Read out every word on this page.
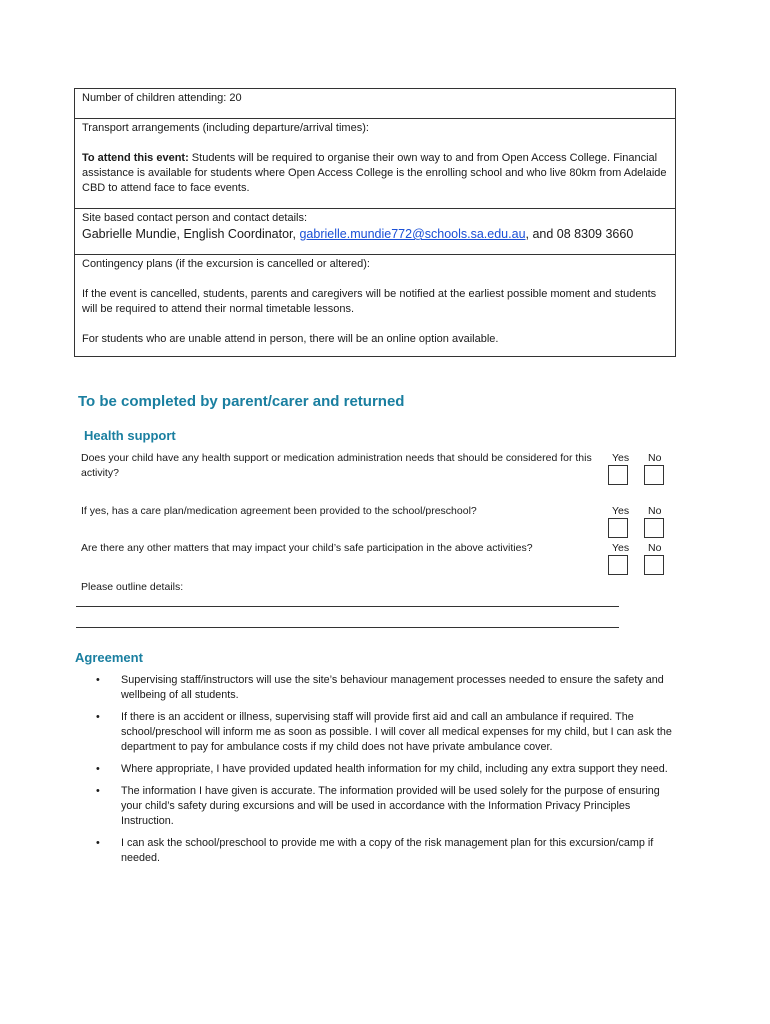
Number of children attending: 20

Transport arrangements (including departure/arrival times):

To attend this event: Students will be required to organise their own way to and from Open Access College. Financial assistance is available for students where Open Access College is the enrolling school and who live 80km from Adelaide CBD to attend face to face events.

Site based contact person and contact details:

Gabrielle Mundie, English Coordinator, gabrielle.mundie772@schools.sa.edu.au, and 08 8309 3660

Contingency plans (if the excursion is cancelled or altered):

If the event is cancelled, students, parents and caregivers will be notified at the earliest possible moment and students will be required to attend their normal timetable lessons.

For students who are unable attend in person, there will be an online option available.

To be completed by parent/carer and returned
Health support
Does your child have any health support or medication administration needs that should be considered for this activity?
Yes No
If yes, has a care plan/medication agreement been provided to the school/preschool?	Yes No
Are there any other matters that may impact your child’s safe participation in the above activities?	Yes No
Please outline details:
Agreement
• Supervising staff/instructors will use the site’s behaviour management processes needed to ensure the safety and wellbeing of all students.
• If there is an accident or illness, supervising staff will provide first aid and call an ambulance if required. The school/preschool will inform me as soon as possible. I will cover all medical expenses for my child, but I can ask the department to pay for ambulance costs if my child does not have private ambulance cover.
• Where appropriate, I have provided updated health information for my child, including any extra support they need.
• The information I have given is accurate. The information provided will be used solely for the purpose of ensuring your child’s safety during excursions and will be used in accordance with the Information Privacy Principles Instruction.
• I can ask the school/preschool to provide me with a copy of the risk management plan for this excursion/camp if needed.
